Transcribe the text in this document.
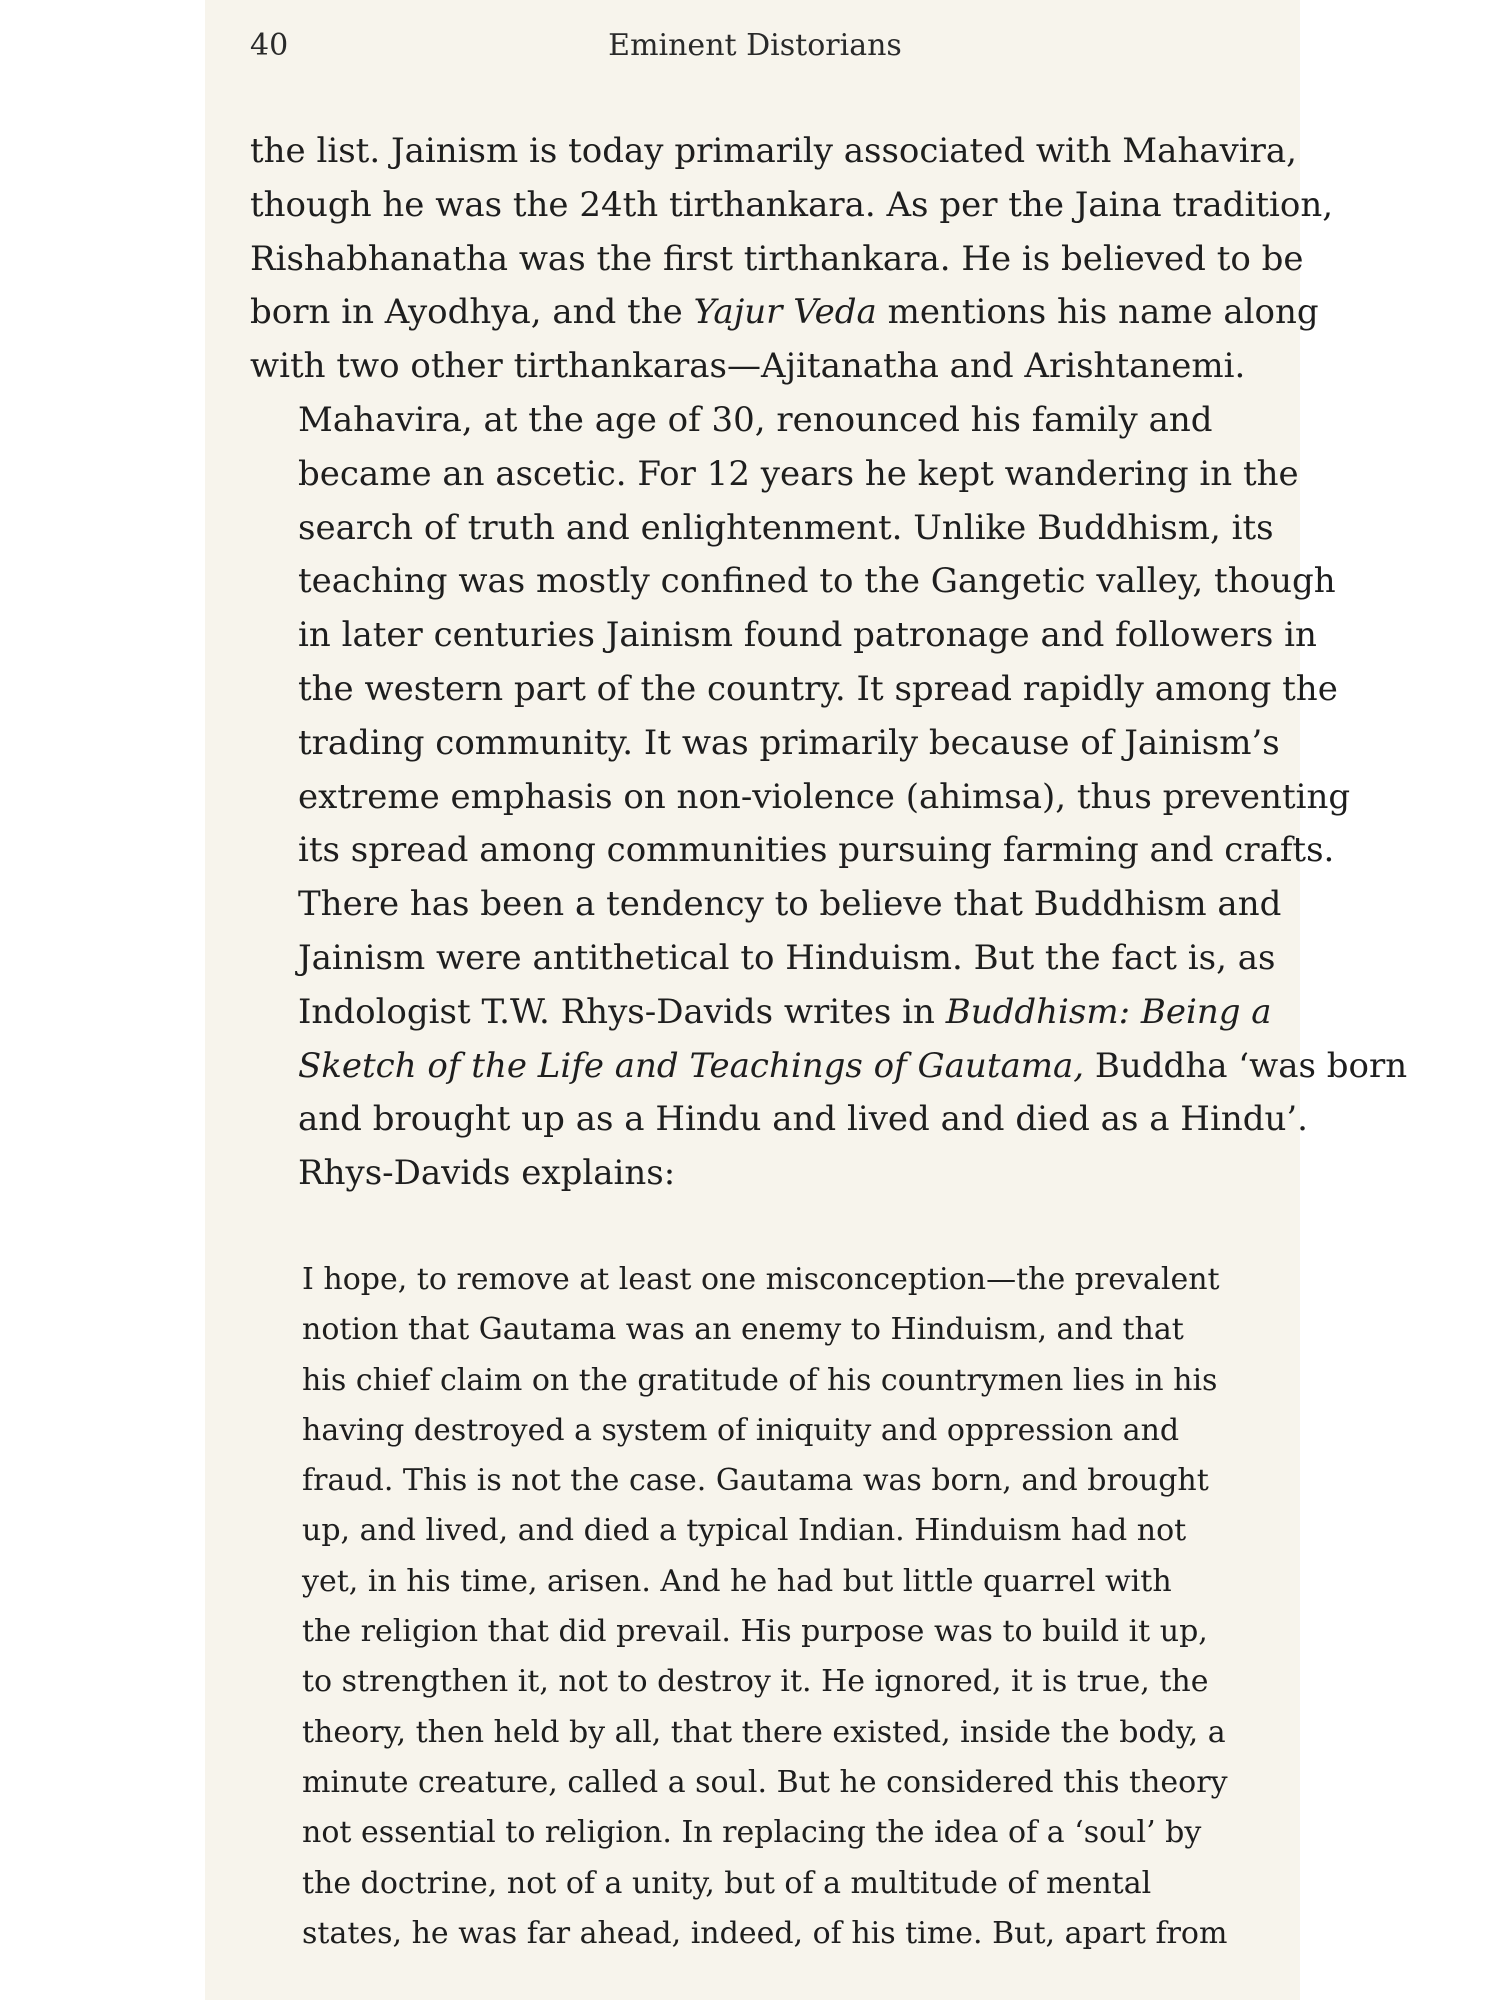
40	Eminent Distorians

the list. Jainism is today primarily associated with Mahavira,
though he was the 24th tirthankara. As per the Jaina tradition,
Rishabhanatha was the first tirthankara. He is believed to be
born in Ayodhya, and the Yajur Veda mentions his name along
with two other tirthankaras—Ajitanatha and Arishtanemi.

Mahavira, at the age of 30, renounced his family and
became an ascetic. For 12 years he kept wandering in the
search of truth and enlightenment. Unlike Buddhism, its
teaching was mostly confined to the Gangetic valley, though
in later centuries Jainism found patronage and followers in
the western part of the country. It spread rapidly among the
trading community. It was primarily because of Jainism’s
extreme emphasis on non-violence (ahimsa), thus preventing
its spread among communities pursuing farming and crafts.

There has been a tendency to believe that Buddhism and
Jainism were antithetical to Hinduism. But the fact is, as
Indologist T.W. Rhys-Davids writes in Buddhism: Being a
Sketch of the Life and Teachings of Gautama, Buddha ‘was born
and brought up as a Hindu and lived and died as a Hindu’.
Rhys-Davids explains:

I hope, to remove at least one misconception—the prevalent
notion that Gautama was an enemy to Hinduism, and that
his chief claim on the gratitude of his countrymen lies in his
having destroyed a system of iniquity and oppression and
fraud. This is not the case. Gautama was born, and brought
up, and lived, and died a typical Indian. Hinduism had not
yet, in his time, arisen. And he had but little quarrel with
the religion that did prevail. His purpose was to build it up,
to strengthen it, not to destroy it. He ignored, it is true, the
theory, then held by all, that there existed, inside the body, a
minute creature, called a soul. But he considered this theory
not essential to religion. In replacing the idea of a ‘soul’ by
the doctrine, not of a unity, but of a multitude of mental
states, he was far ahead, indeed, of his time. But, apart from
